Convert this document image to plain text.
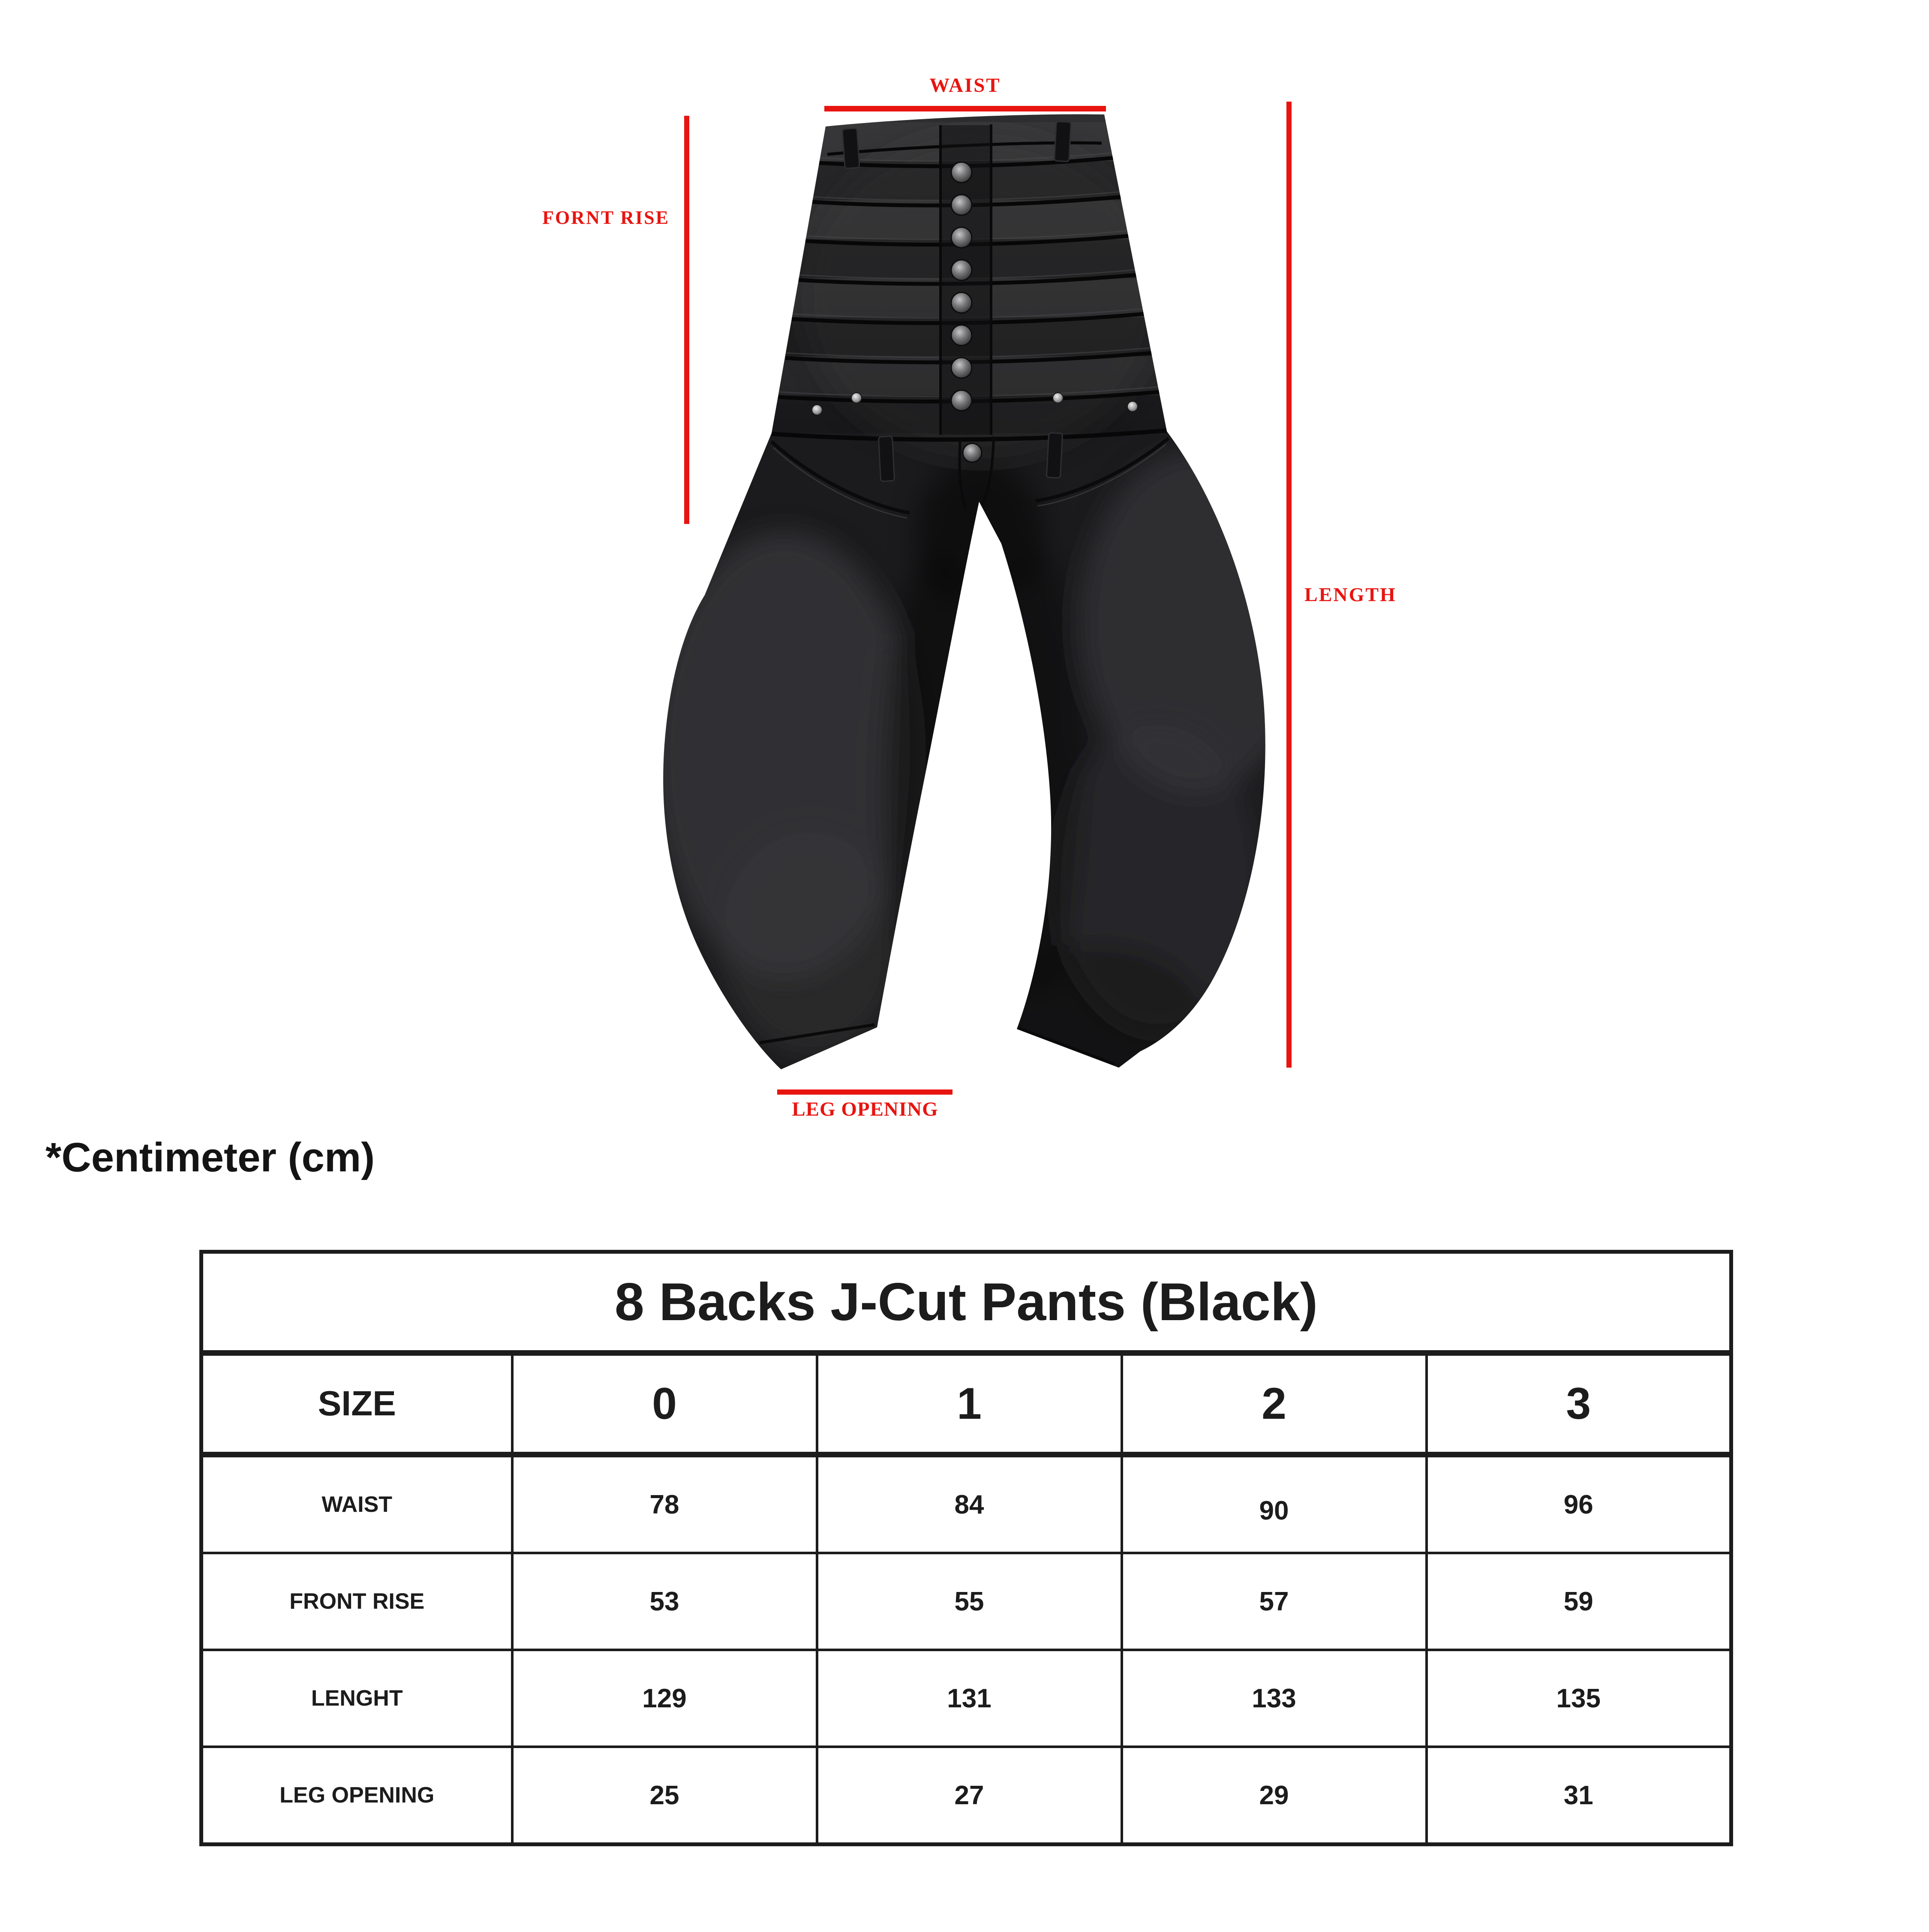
WAIST
FORNT RISE
LENGTH
LEG OPENING
*Centimeter (cm)
8 Backs J-Cut Pants (Black)				
SIZE	0	1	2	3
WAIST	78	84	90	96
FRONT RISE	53	55	57	59
LENGHT	129	131	133	135
LEG OPENING	25	27	29	31
